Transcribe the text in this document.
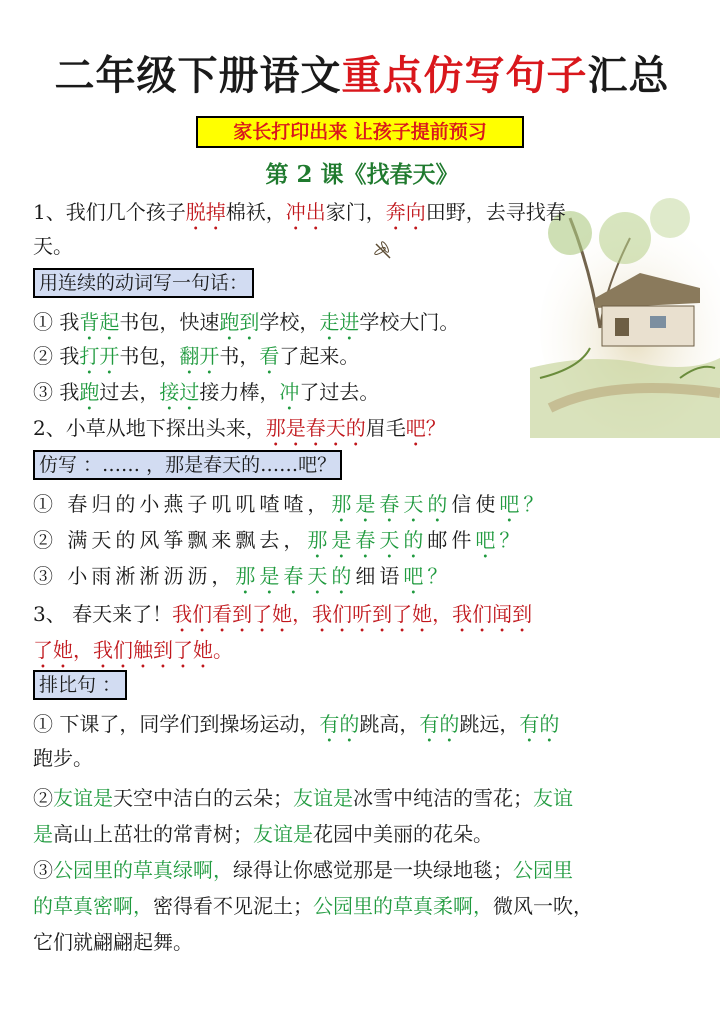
二年级下册语文重点仿写句子汇总
家长打印出来 让孩子提前预习
第 2 课《找春天》
1、我们几个孩子脱掉棉袄，冲出家门，奔向田野，去寻找春
天。
用连续的动词写一句话：
① 我背起书包，快速跑到学校，走进学校大门。
② 我打开书包，翻开书，看了起来。
③ 我跑过去，接过接力棒，冲了过去。
2、小草从地下探出头来，那是春天的眉毛吧？
仿写 ：…… ，那是春天的……吧？
① 春归的小燕子叽叽喳喳，那是春天的信使吧？
② 满天的风筝飘来飘去，那是春天的邮件吧？
③ 小雨淅淅沥沥，那是春天的细语吧？
3、 春天来了！我们看到了她，我们听到了她，我们闻到
了她，我们触到了她。
排比句 ：
① 下课了，同学们到操场运动，有的跳高，有的跳远，有的
跑步。
②友谊是天空中洁白的云朵；友谊是冰雪中纯洁的雪花；友谊
是高山上茁壮的常青树；友谊是花园中美丽的花朵。
③公园里的草真绿啊，绿得让你感觉那是一块绿地毯；公园里
的草真密啊，密得看不见泥土；公园里的草真柔啊，微风一吹，
它们就翩翩起舞。
